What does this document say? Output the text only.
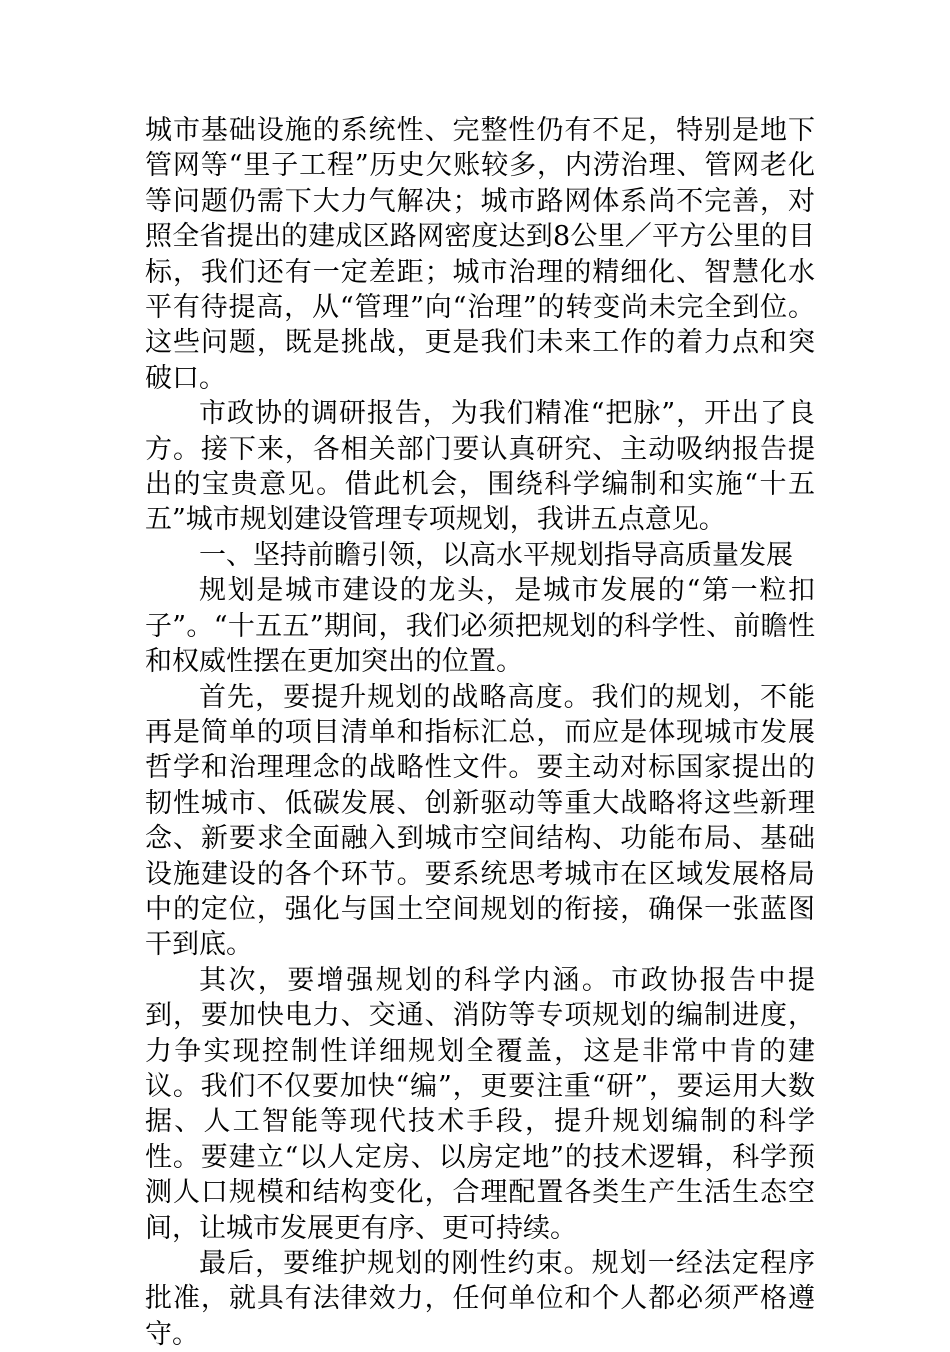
城市基础设施的系统性、完整性仍有不足，特别是地下管网等“里子工程”历史欠账较多，内涝治理、管网老化等问题仍需下大力气解决；城市路网体系尚不完善，对照全省提出的建成区路网密度达到8公里／平方公里的目标，我们还有一定差距；城市治理的精细化、智慧化水平有待提高，从“管理”向“治理”的转变尚未完全到位。这些问题，既是挑战，更是我们未来工作的着力点和突破口。

市政协的调研报告，为我们精准“把脉”，开出了良方。接下来，各相关部门要认真研究、主动吸纳报告提出的宝贵意见。借此机会，围绕科学编制和实施“十五五”城市规划建设管理专项规划，我讲五点意见。

一、坚持前瞻引领，以高水平规划指导高质量发展

规划是城市建设的龙头，是城市发展的“第一粒扣子”。“十五五”期间，我们必须把规划的科学性、前瞻性和权威性摆在更加突出的位置。

首先，要提升规划的战略高度。我们的规划，不能再是简单的项目清单和指标汇总，而应是体现城市发展哲学和治理理念的战略性文件。要主动对标国家提出的韧性城市、低碳发展、创新驱动等重大战略将这些新理念、新要求全面融入到城市空间结构、功能布局、基础设施建设的各个环节。要系统思考城市在区域发展格局中的定位，强化与国土空间规划的衔接，确保一张蓝图干到底。

其次，要增强规划的科学内涵。市政协报告中提到，要加快电力、交通、消防等专项规划的编制进度，力争实现控制性详细规划全覆盖，这是非常中肯的建议。我们不仅要加快“编”，更要注重“研”，要运用大数据、人工智能等现代技术手段，提升规划编制的科学性。要建立“以人定房、以房定地”的技术逻辑，科学预测人口规模和结构变化，合理配置各类生产生活生态空间，让城市发展更有序、更可持续。

最后，要维护规划的刚性约束。规划一经法定程序批准，就具有法律效力，任何单位和个人都必须严格遵守。
